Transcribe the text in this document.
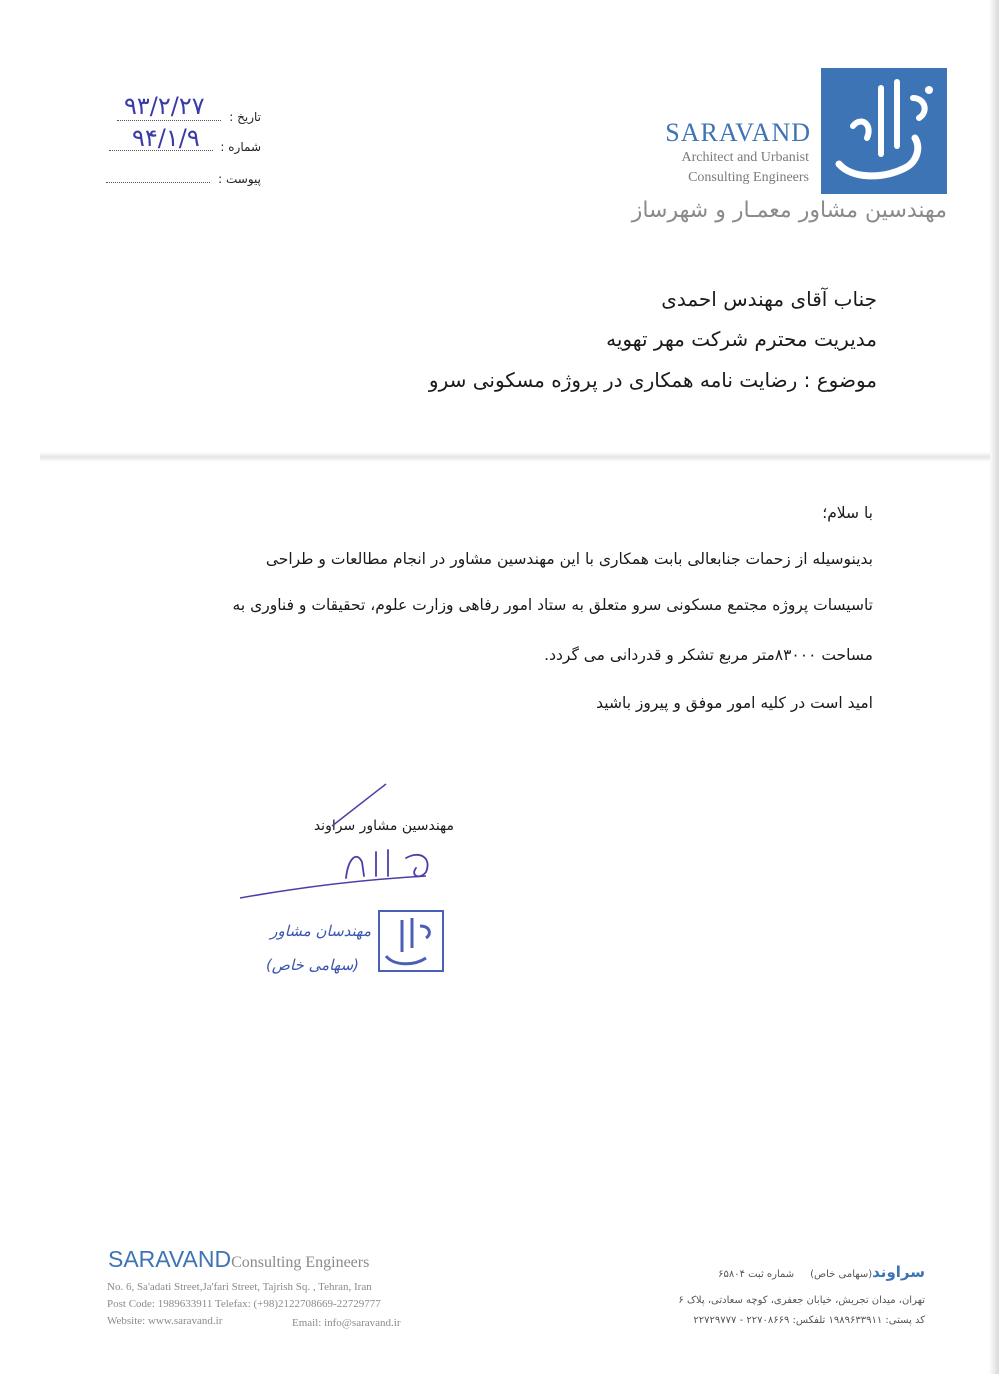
تاریخ :
۹۳/۲/۲۷
شماره :
۹۴/۱/۹
پیوست :
SARAVAND
Architect and Urbanist
Consulting Engineers
مهندسین مشاور معمـار و شهرساز
جناب آقای مهندس احمدی
مدیریت محترم شرکت مهر تهویه
موضوع : رضایت نامه همکاری در پروژه مسکونی سرو
با سلام؛
بدینوسیله از زحمات جنابعالی بابت همکاری با این مهندسین مشاور در انجام مطالعات و طراحی
تاسیسات پروژه مجتمع مسکونی سرو متعلق به ستاد امور رفاهی وزارت علوم، تحقیقات و فناوری به
مساحت ۸۳۰۰۰متر مربع تشکر و قدردانی می گردد.
امید است در کلیه امور موفق و پیروز باشید
مهندسین مشاور سراوند
مهندسان مشاور
(سهامی خاص)
SARAVANDConsulting Engineers
No. 6, Sa'adati Street,Ja'fari Street, Tajrish Sq. , Tehran, Iran
Post Code: 1989633911 Telefax: (+98)2122708669-22729777
Website: www.saravand.ir	Email: info@saravand.ir
سراوند(سهامی خاص)     شماره ثبت ۶۵۸۰۴
تهران، میدان تجریش، خیابان جعفری، کوچه سعادتی، پلاک ۶
کد پستی: ۱۹۸۹۶۳۳۹۱۱ تلفکس: ۲۲۷۰۸۶۶۹ - ۲۲۷۲۹۷۷۷
